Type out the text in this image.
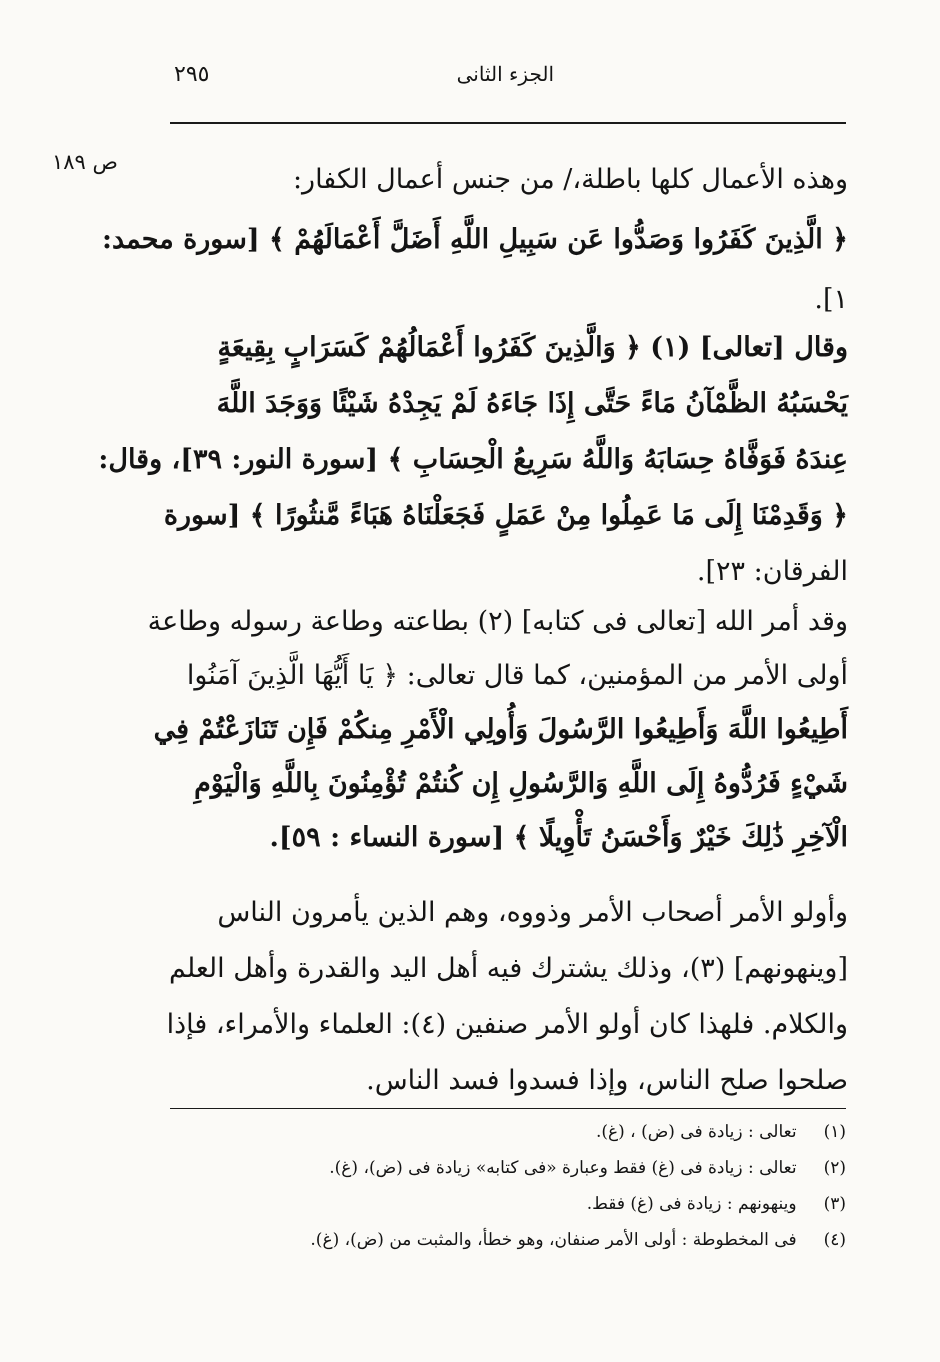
الجزء الثانى
٢٩٥
ص ١٨٩

وهذه الأعمال كلها باطلة،/ من جنس أعمال الكفار:
﴿ الَّذِينَ كَفَرُوا وَصَدُّوا عَن سَبِيلِ اللَّهِ أَضَلَّ أَعْمَالَهُمْ ﴾ [سورة محمد:
١].

وقال [تعالى] (١) ﴿ وَالَّذِينَ كَفَرُوا أَعْمَالُهُمْ كَسَرَابٍ بِقِيعَةٍ
يَحْسَبُهُ الظَّمْآنُ مَاءً حَتَّى إِذَا جَاءَهُ لَمْ يَجِدْهُ شَيْئًا وَوَجَدَ اللَّهَ
عِندَهُ فَوَفَّاهُ حِسَابَهُ وَاللَّهُ سَرِيعُ الْحِسَابِ ﴾ [سورة النور: ٣٩]، وقال:
﴿ وَقَدِمْنَا إِلَى مَا عَمِلُوا مِنْ عَمَلٍ فَجَعَلْنَاهُ هَبَاءً مَّنثُورًا ﴾ [سورة
الفرقان: ٢٣].

وقد أمر الله [تعالى فى كتابه] (٢) بطاعته وطاعة رسوله وطاعة
أولى الأمر من المؤمنين، كما قال تعالى: ﴿ يَا أَيُّهَا الَّذِينَ آمَنُوا
أَطِيعُوا اللَّهَ وَأَطِيعُوا الرَّسُولَ وَأُولِي الْأَمْرِ مِنكُمْ فَإِن تَنَازَعْتُمْ فِي
شَيْءٍ فَرُدُّوهُ إِلَى اللَّهِ وَالرَّسُولِ إِن كُنتُمْ تُؤْمِنُونَ بِاللَّهِ وَالْيَوْمِ
الْآخِرِ ذَٰلِكَ خَيْرٌ وَأَحْسَنُ تَأْوِيلًا ﴾ [سورة النساء : ٥٩].

وأولو الأمر أصحاب الأمر وذووه، وهم الذين يأمرون الناس
[وينهونهم] (٣)، وذلك يشترك فيه أهل اليد والقدرة وأهل العلم
والكلام. فلهذا كان أولو الأمر صنفين (٤): العلماء والأمراء، فإذا
صلحوا صلح الناس، وإذا فسدوا فسد الناس.

(١) تعالى : زيادة فى (ض) ، (غ).
(٢) تعالى : زيادة فى (غ) فقط وعبارة «فى كتابه» زيادة فى (ض)، (غ).
(٣) وينهونهم : زيادة فى (غ) فقط.
(٤) فى المخطوطة : أولى الأمر صنفان، وهو خطأ، والمثبت من (ض)، (غ).
